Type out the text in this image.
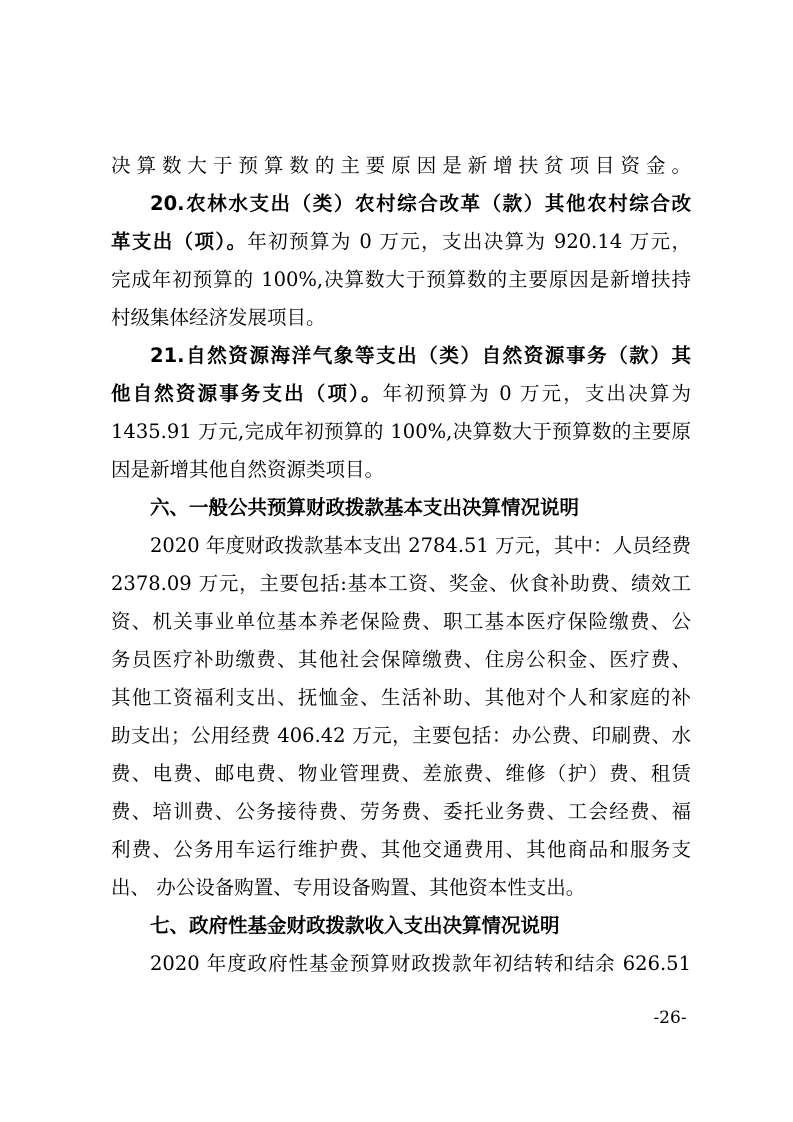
决算数大于预算数的主要原因是新增扶贫项目资金。
20.农林水支出（类）农村综合改革（款）其他农村综合改
革支出（项）。年初预算为 0 万元，支出决算为 920.14 万元，
完成年初预算的 100%,决算数大于预算数的主要原因是新增扶持
村级集体经济发展项目。
21.自然资源海洋气象等支出（类）自然资源事务（款）其
他自然资源事务支出（项）。年初预算为 0 万元，支出决算为
1435.91 万元,完成年初预算的 100%,决算数大于预算数的主要原
因是新增其他自然资源类项目。
六、一般公共预算财政拨款基本支出决算情况说明
2020 年度财政拨款基本支出 2784.51 万元，其中：人员经费
2378.09 万元，主要包括:基本工资、奖金、伙食补助费、绩效工
资、机关事业单位基本养老保险费、职工基本医疗保险缴费、公
务员医疗补助缴费、其他社会保障缴费、住房公积金、医疗费、
其他工资福利支出、抚恤金、生活补助、其他对个人和家庭的补
助支出；公用经费 406.42 万元，主要包括：办公费、印刷费、水
费、电费、邮电费、物业管理费、差旅费、维修（护）费、租赁
费、培训费、公务接待费、劳务费、委托业务费、工会经费、福
利费、公务用车运行维护费、其他交通费用、其他商品和服务支
出、 办公设备购置、专用设备购置、其他资本性支出。
七、政府性基金财政拨款收入支出决算情况说明
2020 年度政府性基金预算财政拨款年初结转和结余 626.51
-26-
